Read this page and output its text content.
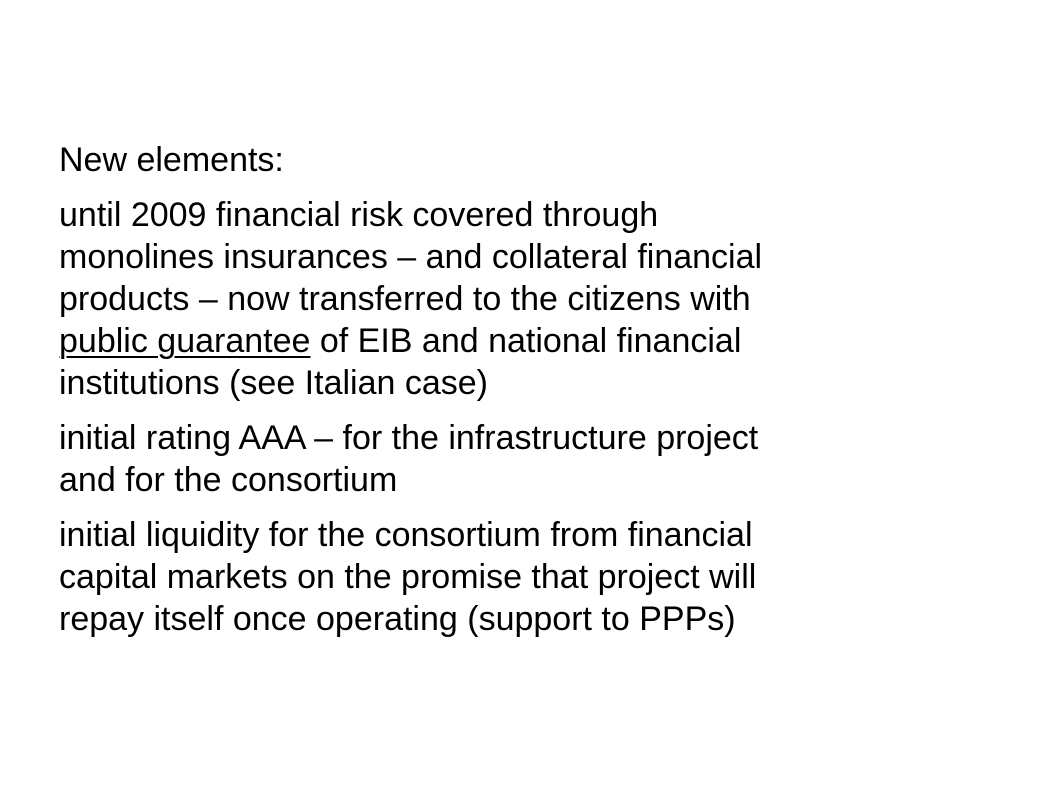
New elements:
until 2009 financial risk covered through
monolines insurances – and collateral financial
products – now transferred to the citizens with
public guarantee of EIB and national financial
institutions (see Italian case)
initial rating AAA – for the infrastructure project
and for the consortium
initial liquidity for the consortium from financial
capital markets on the promise that project will
repay itself once operating (support to PPPs)
